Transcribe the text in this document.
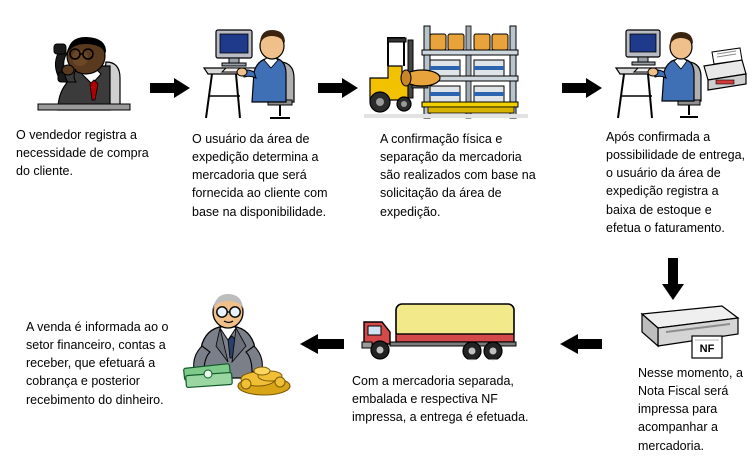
O vendedor registra a necessidade de compra do cliente.
O usuário da área de expedição determina a mercadoria que será fornecida ao cliente com base na disponibilidade.
A confirmação física e separação da mercadoria são realizados com base na solicitação da área de expedição.
Após confirmada a possibilidade de entrega, o usuário da área de expedição registra a baixa de estoque e efetua o faturamento.
NF
Nesse momento, a Nota Fiscal será impressa para acompanhar a mercadoria.
Com a mercadoria separada, embalada e respectiva NF impressa, a entrega é efetuada.
A venda é informada ao o setor financeiro, contas a receber, que efetuará a cobrança e posterior recebimento do dinheiro.
